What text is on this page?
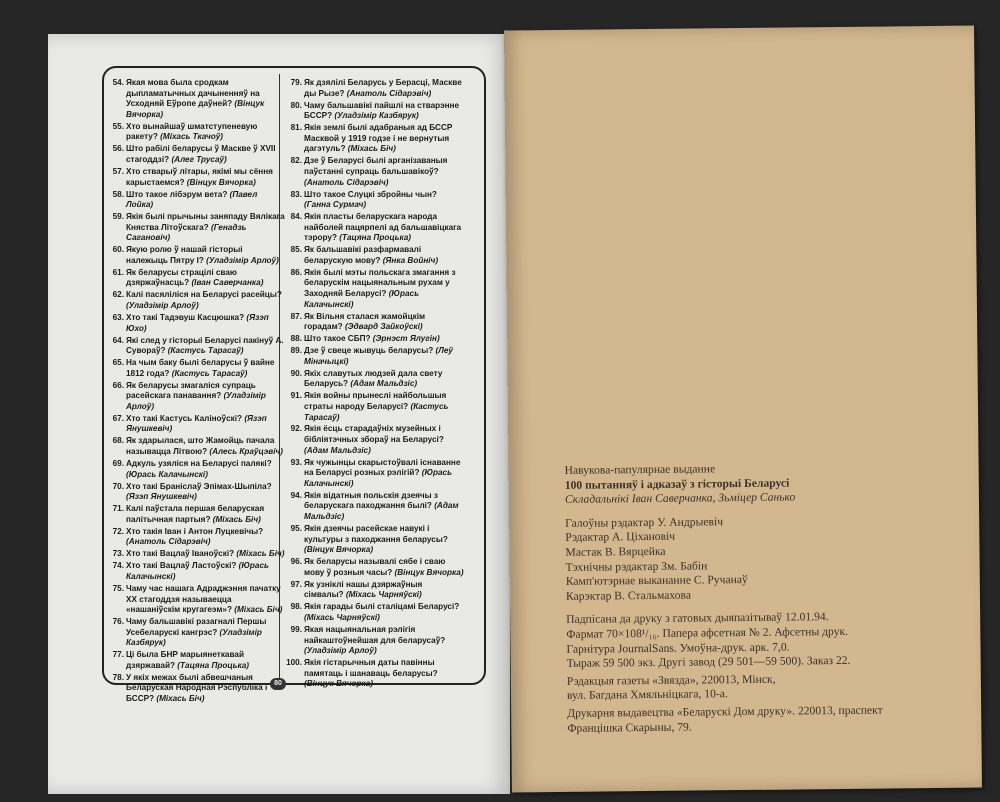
54. Якая мова была сродкам дыпламатычных дачыненняў на Усходняй Еўропе даўней? (Вінцук Вячорка)
55. Хто вынайшаў шматступеневую ракету? (Міхась Ткачоў)
56. Што рабілі беларусы ў Маскве ў XVII стагоддзі? (Алег Трусаў)
57. Хто стварыў літары, якімі мы сёння карыстаемся? (Вінцук Вячорка)
58. Што такое лібэрум вета? (Павел Лойка)
59. Якія былі прычыны заняпаду Вялікага Княства Літоўскага? (Генадзь Сагановіч)
60. Якую ролю ў нашай гісторыі належыць Пятру I? (Уладзімір Арлоў)
61. Як беларусы страцілі сваю дзяржаўнасць? (Іван Саверчанка)
62. Калі пасяліліся на Беларусі расейцы? (Уладзімір Арлоў)
63. Хто такі Тадэвуш Касцюшка? (Язэп Юхо)
64. Які след у гісторыі Беларусі пакінуў А. Суворaў? (Кастусь Тарасаў)
65. На чым баку былі беларусы ў вайне 1812 года? (Кастусь Тарасаў)
66. Як беларусы змагаліся супраць расейскага панавання? (Уладзімір Арлоў)
67. Хто такі Кастусь Каліноўскі? (Язэп Янушкевіч)
68. Як здарылася, што Жамойць пачала называцца Літвою? (Алесь Краўцэвіч)
69. Адкуль узяліся на Беларусі палякі? (Юрась Калачынскі)
70. Хто такі Браніслаў Эпімах-Шыпіла? (Язэп Янушкевіч)
71. Калі паўстала першая беларуская палітычная партыя? (Міхась Біч)
72. Хто такія Іван і Антон Луцкевічы? (Анатоль Сідарэвіч)
73. Хто такі Вацлаў Іваноўскі? (Міхась Біч)
74. Хто такі Вацлаў Ластоўскі? (Юрась Калачынскі)
75. Чаму час нашага Адраджэння пачатку XX стагоддзя называецца «нашаніўскім кругагеэм»? (Міхась Біч)
76. Чаму бальшавікі разагналі Першы Усебеларускі кангрэс? (Уладзімір Казбярук)
77. Ці была БНР марыянеткавай дзяржавай? (Тацяна Процька)
78. У якіх межах былі абвешчаныя Беларуская Народная Рэспубліка і БССР? (Міхась Біч)
79. Як дзялілі Беларусь у Берасці, Маскве ды Рызе? (Анатоль Сідарэвіч)
80. Чаму бальшавікі пайшлі на стварэнне БССР? (Уладзімір Казбярук)
81. Якія землі былі адабраныя ад БССР Масквой у 1919 годзе і не вернутыя дагэтуль? (Міхась Біч)
82. Дзе ў Беларусі былі арганізаваныя паўстанні супраць бальшавікоў? (Анатоль Сідарэвіч)
83. Што такое Слуцкі збройны чын? (Ганна Сурмач)
84. Якія пласты беларускага народа найболей пацярпелі ад бальшавіцкага тэрору? (Тацяна Процька)
85. Як бальшавікі разфармавалі беларускую мову? (Янка Войніч)
86. Якія былі мэты польскага змагання з беларускім нацыянальным рухам у Заходняй Беларусі? (Юрась Калачынскі)
87. Як Вільня сталася жамойцкім горадам? (Эдвард Зайкоўскі)
88. Што такое СБП? (Эрнэст Ялугін)
89. Дзе ў свеце жывуць беларусы? (Леў Міначыцкі)
90. Якіх славутых людзей дала свету Беларусь? (Адам Мальдзіс)
91. Якія войны прынеслі найбольшыя страты народу Беларусі? (Кастусь Тарасаў)
92. Якія ёсць старадаўніх музейных і бібліятэчных збораў на Беларусі? (Адам Мальдзіс)
93. Як чужынцы скарыстоўвалі існаванне на Беларусі розных рэлігій? (Юрась Калачынскі)
94. Якія відатныя польскія дзеячы з беларускага паходжання былі? (Адам Мальдзіс)
95. Якія дзеячы расейскае навукі і культуры з паходжання беларусы? (Вінцук Вячорка)
96. Як беларусы называлі сябе і сваю мову ў розныя часы? (Вінцук Вячорка)
97. Як узніклі нашы дзяржаўныя сімвалы? (Міхась Чарняўскі)
98. Якія гарады былі сталіцамі Беларусі? (Міхась Чарняўскі)
99. Якая нацыянальная рэлігія найкаштоўнейшая для беларусаў? (Уладзімір Арлоў)
100. Якія гістарычныя даты павінны памятаць і шанаваць беларусы? (Вінцук Вячорка)
80
Навукова-папулярнае выданне
100 пытанняў і адказаў з гісторыі Беларусі
Складальнікі Іван Саверчанка, Зьміцер Санько
Галоўны рэдактар У. Андрыевіч
Рэдактар А. Ціхановіч
Мастак В. Вярцейка
Тэхнічны рэдактар Зм. Бабін
Камп'ютэрнае выкананне С. Ручанаў
Карэктар В. Стальмахова
Падпісана да друку з гатовых дыяпазітываў 12.01.94.
Фармат 70×108¹/₁₆. Папера афсетная № 2. Афсетны друк.
Гарнітура JournalSans. Умоўна-друк. арк. 7,0.
Тыраж 59 500 экз. Другі завод (29 501—59 500). Заказ 22.
Рэдакцыя газеты «Звязда», 220013, Мінск,
вул. Багдана Хмяльніцкага, 10-а.
Друкарня выдавецтва «Беларускі Дом друку». 220013, праспект
Францішка Скарыны, 79.
